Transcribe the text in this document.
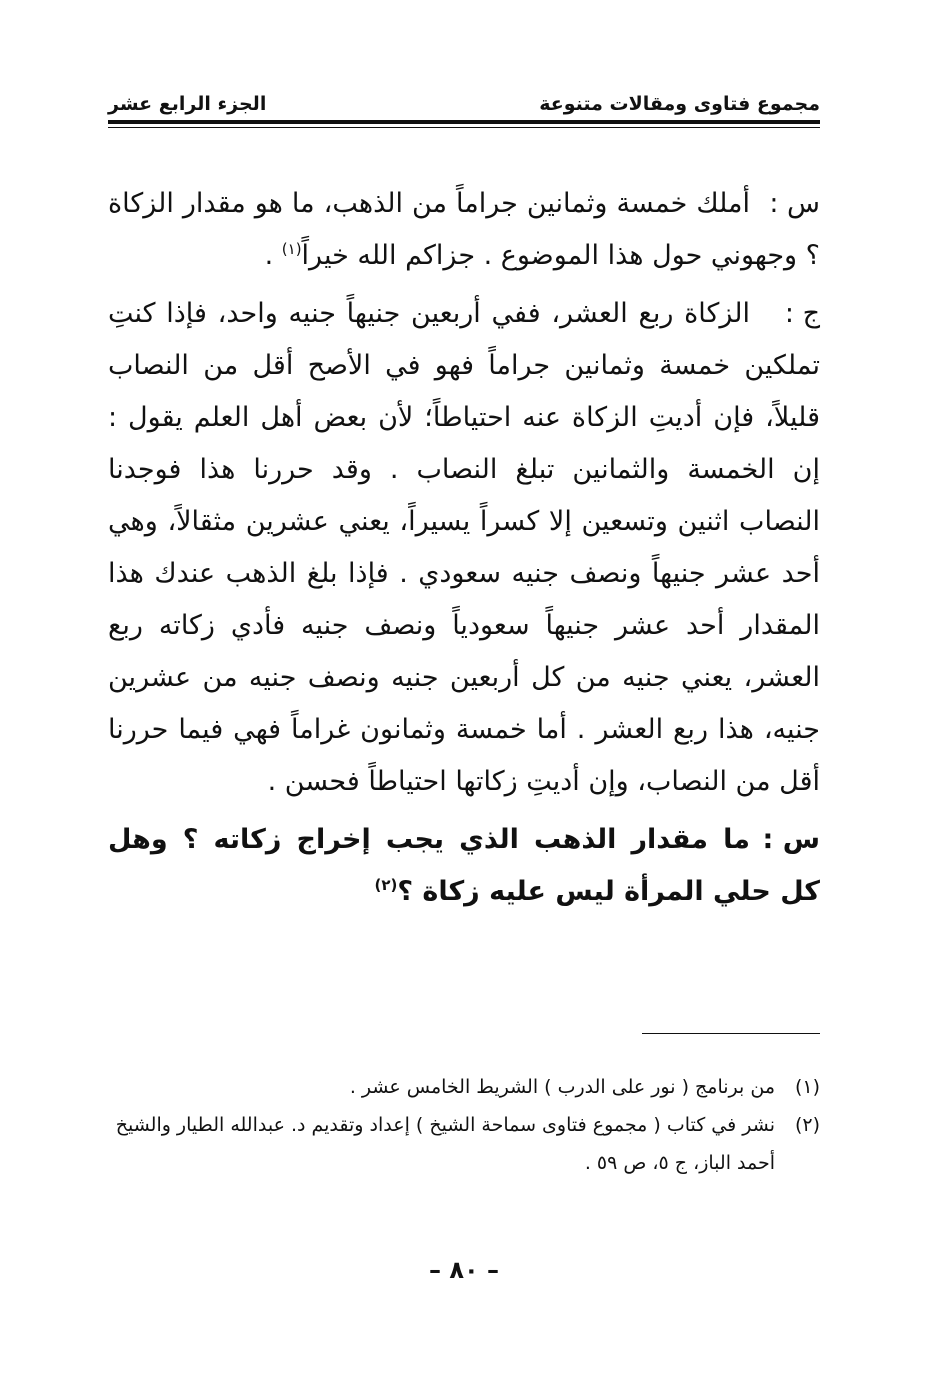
مجموع فتاوى ومقالات متنوعة
الجزء الرابع عشر

س :أملك خمسة وثمانين جراماً من الذهب، ما هو مقدار الزكاة ؟ وجهوني حول هذا الموضوع . جزاكم الله خيراً$^{(١)}$ .

ج :الزكاة ربع العشر، ففي أربعين جنيهاً جنيه واحد، فإذا كنتِ تملكين خمسة وثمانين جراماً فهو في الأصح أقل من النصاب قليلاً، فإن أديتِ الزكاة عنه احتياطاً؛ لأن بعض أهل العلم يقول : إن الخمسة والثمانين تبلغ النصاب . وقد حررنا هذا فوجدنا النصاب اثنين وتسعين إلا كسراً يسيراً، يعني عشرين مثقالاً، وهي أحد عشر جنيهاً ونصف جنيه سعودي . فإذا بلغ الذهب عندك هذا المقدار أحد عشر جنيهاً سعودياً ونصف جنيه فأدي زكاته ربع العشر، يعني جنيه من كل أربعين جنيه ونصف جنيه من عشرين جنيه، هذا ربع العشر . أما خمسة وثمانون غراماً فهي فيما حررنا أقل من النصاب، وإن أديتِ زكاتها احتياطاً فحسن .

س :ما مقدار الذهب الذي يجب إخراج زكاته ؟ وهل كل حلي المرأة ليس عليه زكاة ؟$^{(٢)}$

(١)
من برنامج ( نور على الدرب ) الشريط الخامس عشر .

(٢)
نشر في كتاب ( مجموع فتاوى سماحة الشيخ ) إعداد وتقديم د. عبدالله الطيار والشيخ أحمد الباز، ج ٥، ص ٥٩ .

– ٨٠ –
